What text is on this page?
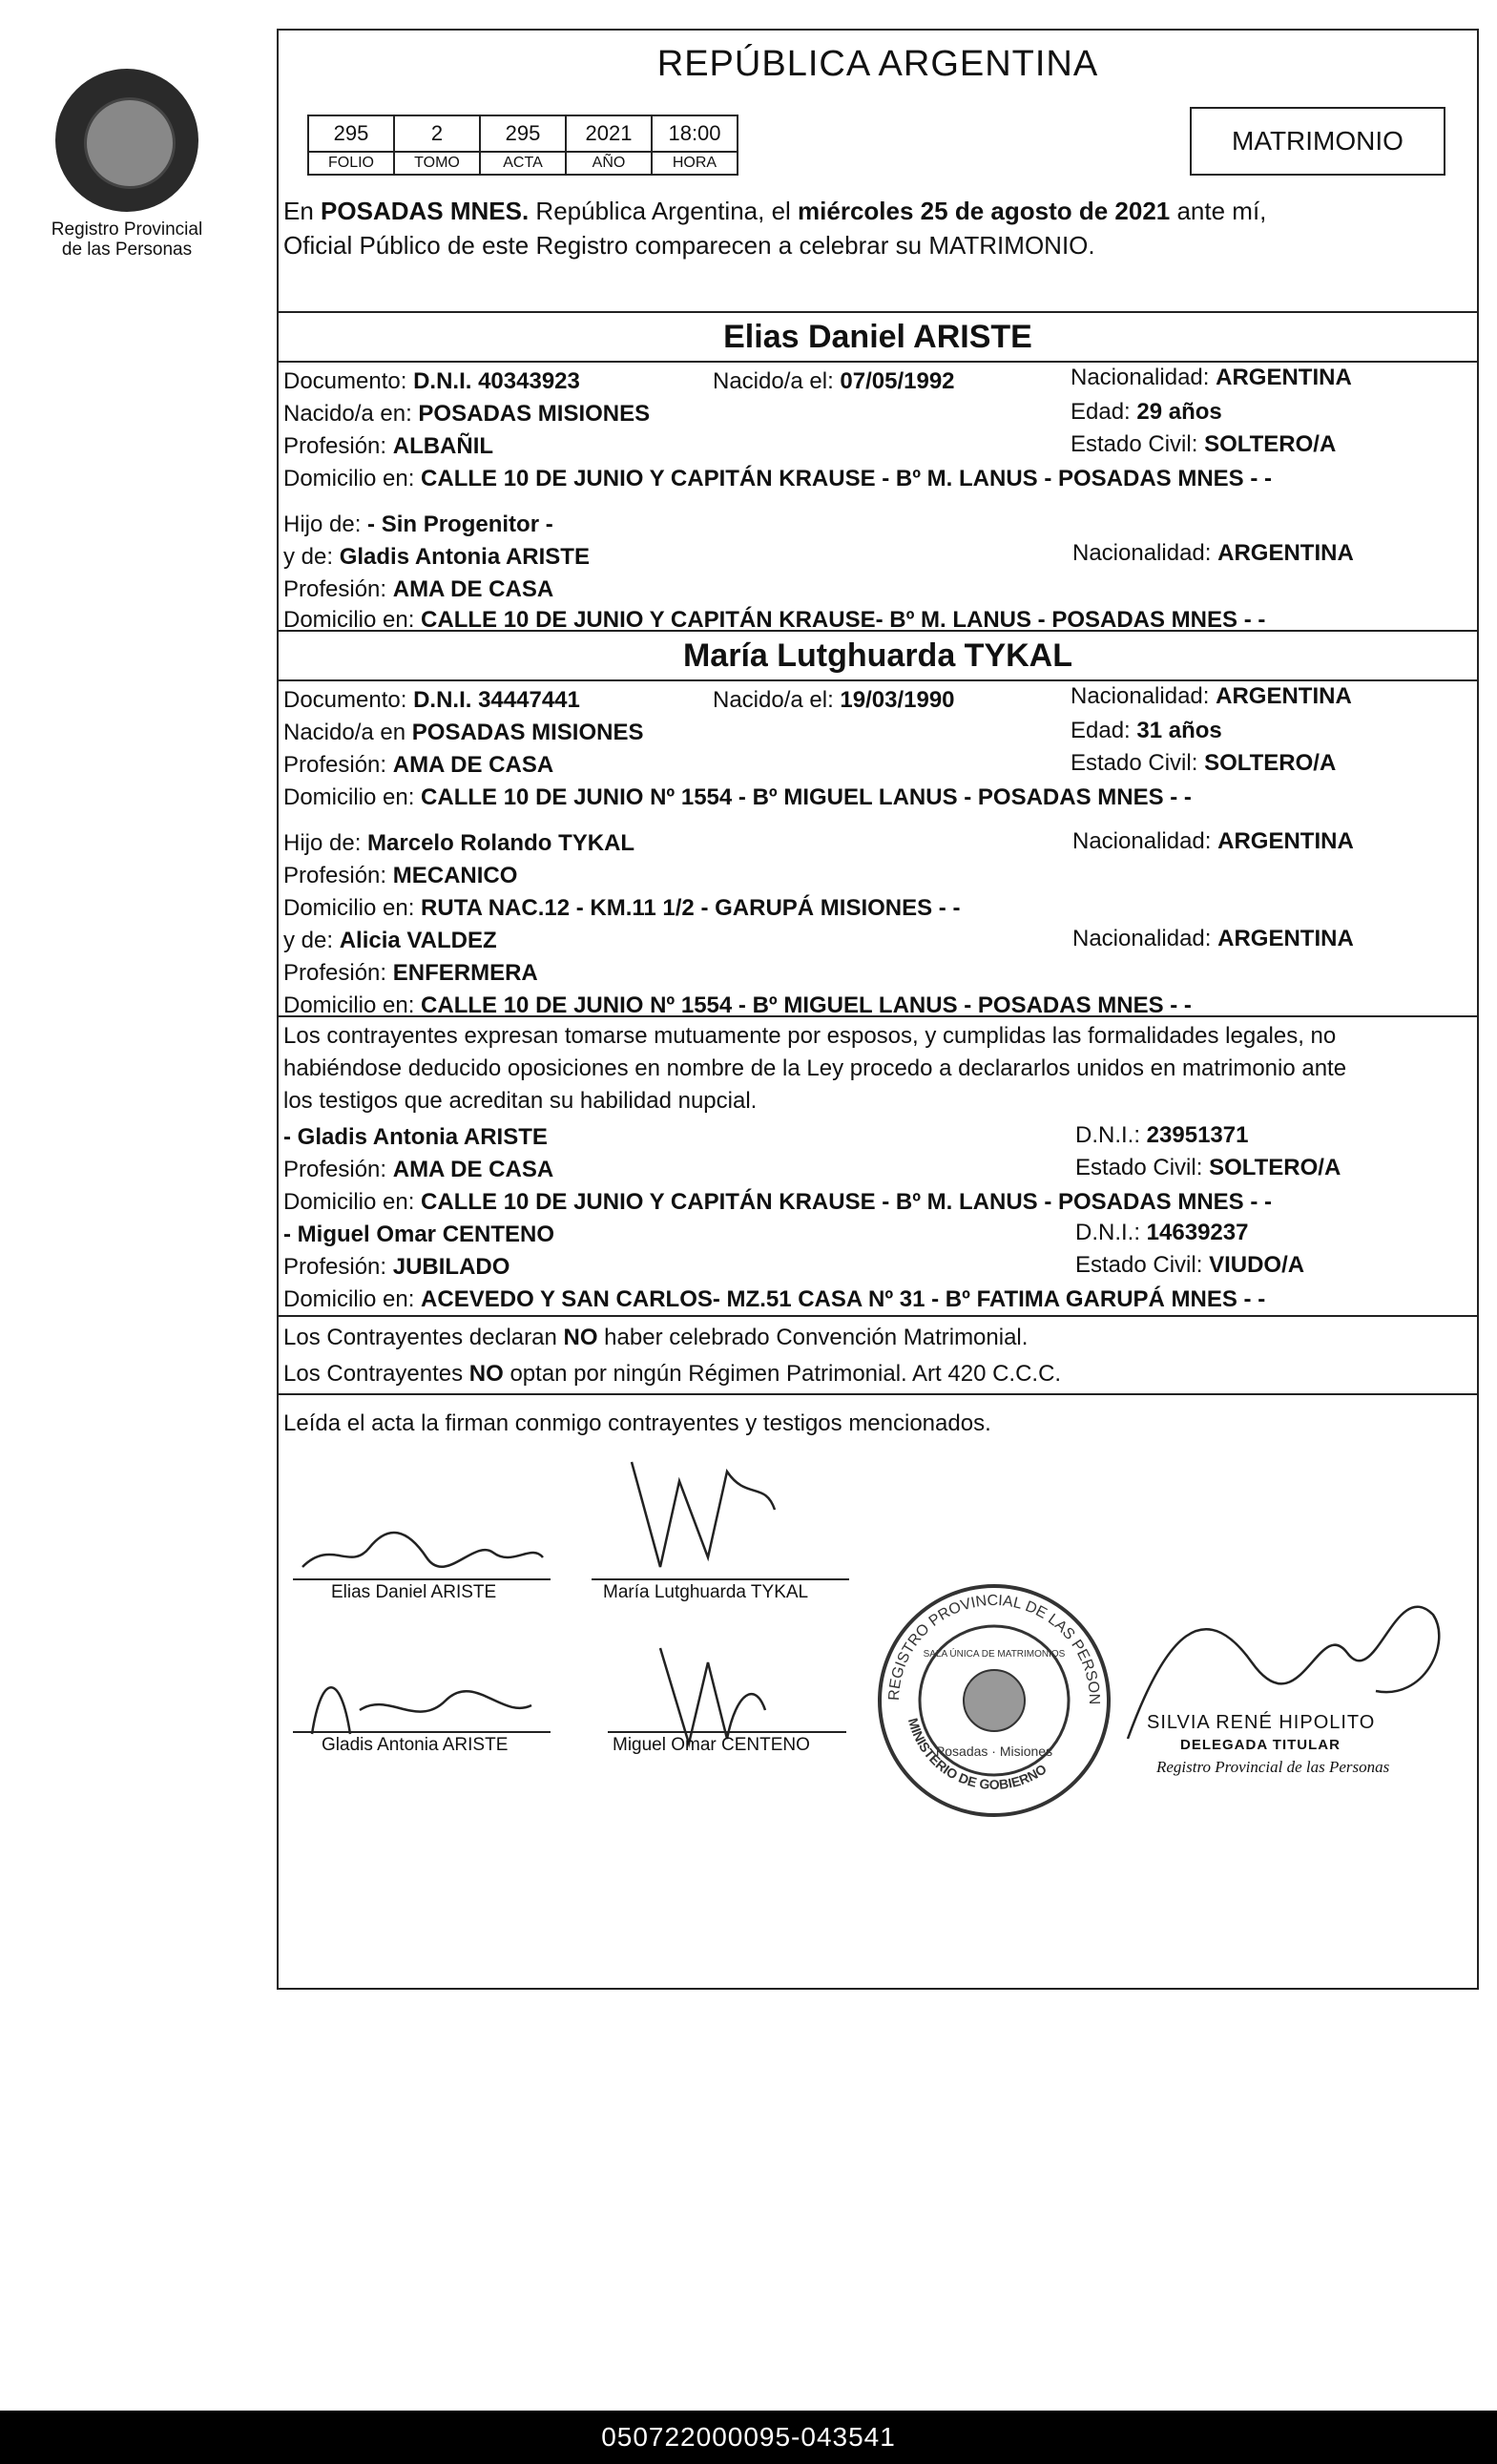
Registro Provincial
de las Personas
REPÚBLICA ARGENTINA
295	2	295	2021	18:00
FOLIO	TOMO	ACTA	AÑO	HORA
MATRIMONIO
En POSADAS MNES. República Argentina, el miércoles 25 de agosto de 2021 ante mí,
Oficial Público de este Registro comparecen a celebrar su MATRIMONIO.
Elias Daniel ARISTE
Documento: D.N.I. 40343923	Nacido/a el: 07/05/1992	Nacionalidad: ARGENTINA
Nacido/a en: POSADAS MISIONES	Edad: 29 años
Profesión: ALBAÑIL	Estado Civil: SOLTERO/A
Domicilio en: CALLE 10 DE JUNIO Y CAPITÁN KRAUSE - Bº M. LANUS - POSADAS MNES - -
Hijo de: - Sin Progenitor -
y de: Gladis Antonia ARISTE	Nacionalidad: ARGENTINA
Profesión: AMA DE CASA
Domicilio en: CALLE 10 DE JUNIO Y CAPITÁN KRAUSE- Bº M. LANUS - POSADAS MNES - -
María Lutghuarda TYKAL
Documento: D.N.I. 34447441	Nacido/a el: 19/03/1990	Nacionalidad: ARGENTINA
Nacido/a en POSADAS MISIONES	Edad: 31 años
Profesión: AMA DE CASA	Estado Civil: SOLTERO/A
Domicilio en: CALLE 10 DE JUNIO Nº 1554 - Bº MIGUEL LANUS - POSADAS MNES - -
Hijo de: Marcelo Rolando TYKAL	Nacionalidad: ARGENTINA
Profesión: MECANICO
Domicilio en: RUTA NAC.12 - KM.11 1/2 - GARUPÁ MISIONES - -
y de: Alicia VALDEZ	Nacionalidad: ARGENTINA
Profesión: ENFERMERA
Domicilio en: CALLE 10 DE JUNIO Nº 1554 - Bº MIGUEL LANUS - POSADAS MNES - -
Los contrayentes expresan tomarse mutuamente por esposos, y cumplidas las formalidades legales, no
habiéndose deducido oposiciones en nombre de la Ley procedo a declararlos unidos en matrimonio ante
los testigos que acreditan su habilidad nupcial.
- Gladis Antonia ARISTE	D.N.I.: 23951371
Profesión: AMA DE CASA	Estado Civil: SOLTERO/A
Domicilio en: CALLE 10 DE JUNIO Y CAPITÁN KRAUSE - Bº M. LANUS - POSADAS MNES - -
- Miguel Omar CENTENO	D.N.I.: 14639237
Profesión: JUBILADO	Estado Civil: VIUDO/A
Domicilio en: ACEVEDO Y SAN CARLOS- MZ.51 CASA Nº 31 - Bº FATIMA GARUPÁ MNES - -
Los Contrayentes declaran NO haber celebrado Convención Matrimonial.
Los Contrayentes NO optan por ningún Régimen Patrimonial. Art 420 C.C.C.
Leída el acta la firman conmigo contrayentes y testigos mencionados.
Elias Daniel ARISTE	María Lutghuarda TYKAL
Gladis Antonia ARISTE	Miguel Omar CENTENO
REGISTRO PROVINCIAL DE LAS PERSONAS
MINISTERIO DE GOBIERNO
SALA ÚNICA DE MATRIMONIOS
Posadas · Misiones
SILVIA RENÉ HIPOLITO
DELEGADA TITULAR
Registro Provincial de las Personas
050722000095-043541
